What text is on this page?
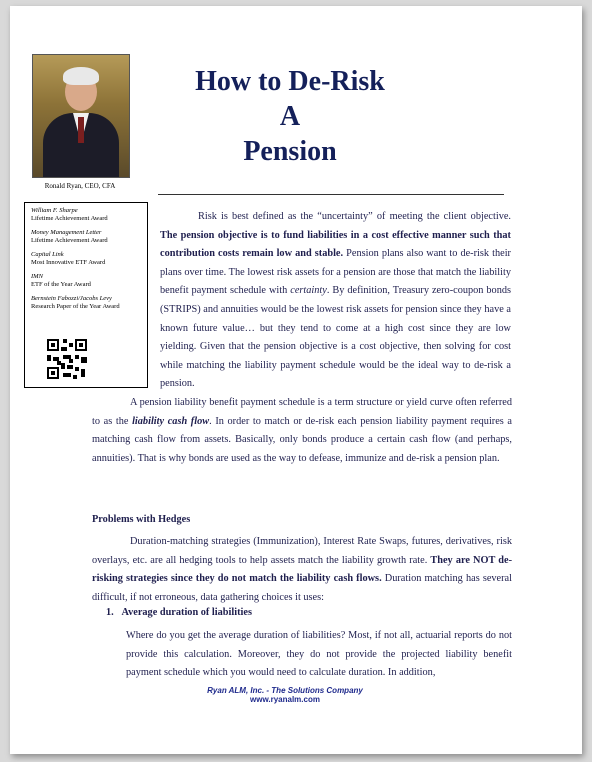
Ronald Ryan, CEO, CFA
How to De-Risk
A
Pension
William F. Sharpe
Lifetime Achievement Award
Money Management Letter
Lifetime Achievement Award
Capital Link
Most Innovative ETF Award
IMN
ETF of the Year Award
Bernstein Fabozzi/Jacobs Levy
Research Paper of the Year Award
Risk is best defined as the “uncertainty” of meeting the client objective. The pension objective is to fund liabilities in a cost effective manner such that contribution costs remain low and stable. Pension plans also want to de-risk their plans over time. The lowest risk assets for a pension are those that match the liability benefit payment schedule with certainty. By definition, Treasury zero-coupon bonds (STRIPS) and annuities would be the lowest risk assets for pension since they have a known future value… but they tend to come at a high cost since they are low yielding. Given that the pension objective is a cost objective, then solving for cost while matching the liability payment schedule would be the ideal way to de-risk a pension.
A pension liability benefit payment schedule is a term structure or yield curve often referred to as the liability cash flow. In order to match or de-risk each pension liability payment requires a matching cash flow from assets. Basically, only bonds produce a certain cash flow (and perhaps, annuities). That is why bonds are used as the way to defease, immunize and de-risk a pension plan.
Problems with Hedges
Duration-matching strategies (Immunization), Interest Rate Swaps, futures, derivatives, risk overlays, etc. are all hedging tools to help assets match the liability growth rate. They are NOT de-risking strategies since they do not match the liability cash flows. Duration matching has several difficult, if not erroneous, data gathering choices it uses:
1.   Average duration of liabilities
Where do you get the average duration of liabilities? Most, if not all, actuarial reports do not provide this calculation. Moreover, they do not provide the projected liability benefit payment schedule which you would need to calculate duration. In addition,
Ryan ALM, Inc. - The Solutions Company
www.ryanalm.com
